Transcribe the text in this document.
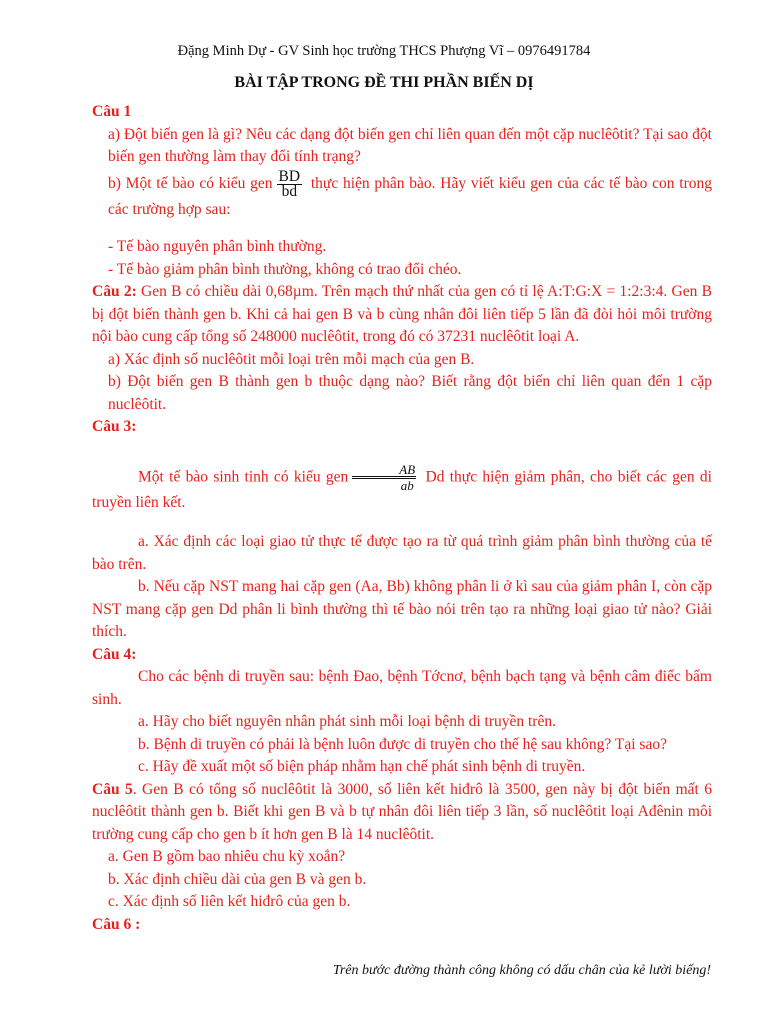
Đặng Minh Dự - GV Sinh học trường THCS Phượng Vĩ – 0976491784
BÀI TẬP TRONG ĐỀ THI PHẦN BIẾN DỊ
Câu 1
a) Đột biến gen là gì? Nêu các dạng đột biến gen chỉ liên quan đến một cặp nuclêôtit? Tại sao đột biến gen thường làm thay đổi tính trạng?
b) Một tế bào có kiểu gen $\frac{BD}{bd}$ thực hiện phân bào. Hãy viết kiểu gen của các tế bào con trong các trường hợp sau:
- Tế bào nguyên phân bình thường.
- Tế bào giảm phân bình thường, không có trao đổi chéo.
Câu 2: Gen B có chiều dài 0,68µm. Trên mạch thứ nhất của gen có tỉ lệ A:T:G:X = 1:2:3:4. Gen B bị đột biến thành gen b. Khi cả hai gen B và b cùng nhân đôi liên tiếp 5 lần đã đòi hỏi môi trường nội bào cung cấp tổng số 248000 nuclêôtit, trong đó có 37231 nuclêôtit loại A.
a) Xác định số nuclêôtit mỗi loại trên mỗi mạch của gen B.
b) Đột biến gen B thành gen b thuộc dạng nào? Biết rằng đột biến chỉ liên quan đến 1 cặp nuclêôtit.
Câu 3:
Một tế bào sinh tinh có kiểu gen $\frac{AB}{ab}$ Dd thực hiện giảm phân, cho biết các gen di truyền liên kết.
a. Xác định các loại giao tử thực tế được tạo ra từ quá trình giảm phân bình thường của tế bào trên.
b. Nếu cặp NST mang hai cặp gen (Aa, Bb) không phân li ở kì sau của giảm phân I, còn cặp NST mang cặp gen Dd phân li bình thường thì tế bào nói trên tạo ra những loại giao tử nào? Giải thích.
Câu 4:
Cho các bệnh di truyền sau: bệnh Đao, bệnh Tớcnơ, bệnh bạch tạng và bệnh câm điếc bẩm sinh.
a. Hãy cho biết nguyên nhân phát sinh mỗi loại bệnh di truyền trên.
b. Bệnh di truyền có phải là bệnh luôn được di truyền cho thế hệ sau không? Tại sao?
c. Hãy đề xuất một số biện pháp nhằm hạn chế phát sinh bệnh di truyền.
Câu 5. Gen B có tổng số nuclêôtit là 3000, số liên kết hiđrô là 3500, gen này bị đột biến mất 6 nuclêôtit thành gen b. Biết khi gen B và b tự nhân đôi liên tiếp 3 lần, số nuclêôtit loại Ađênin môi trường cung cấp cho gen b ít hơn gen B là 14 nuclêôtit.
a. Gen B gồm bao nhiêu chu kỳ xoắn?
b. Xác định chiều dài của gen B và gen b.
c. Xác định số liên kết hiđrô của gen b.
Câu 6 :
Trên bước đường thành công không có dấu chân của kẻ lười biếng!
